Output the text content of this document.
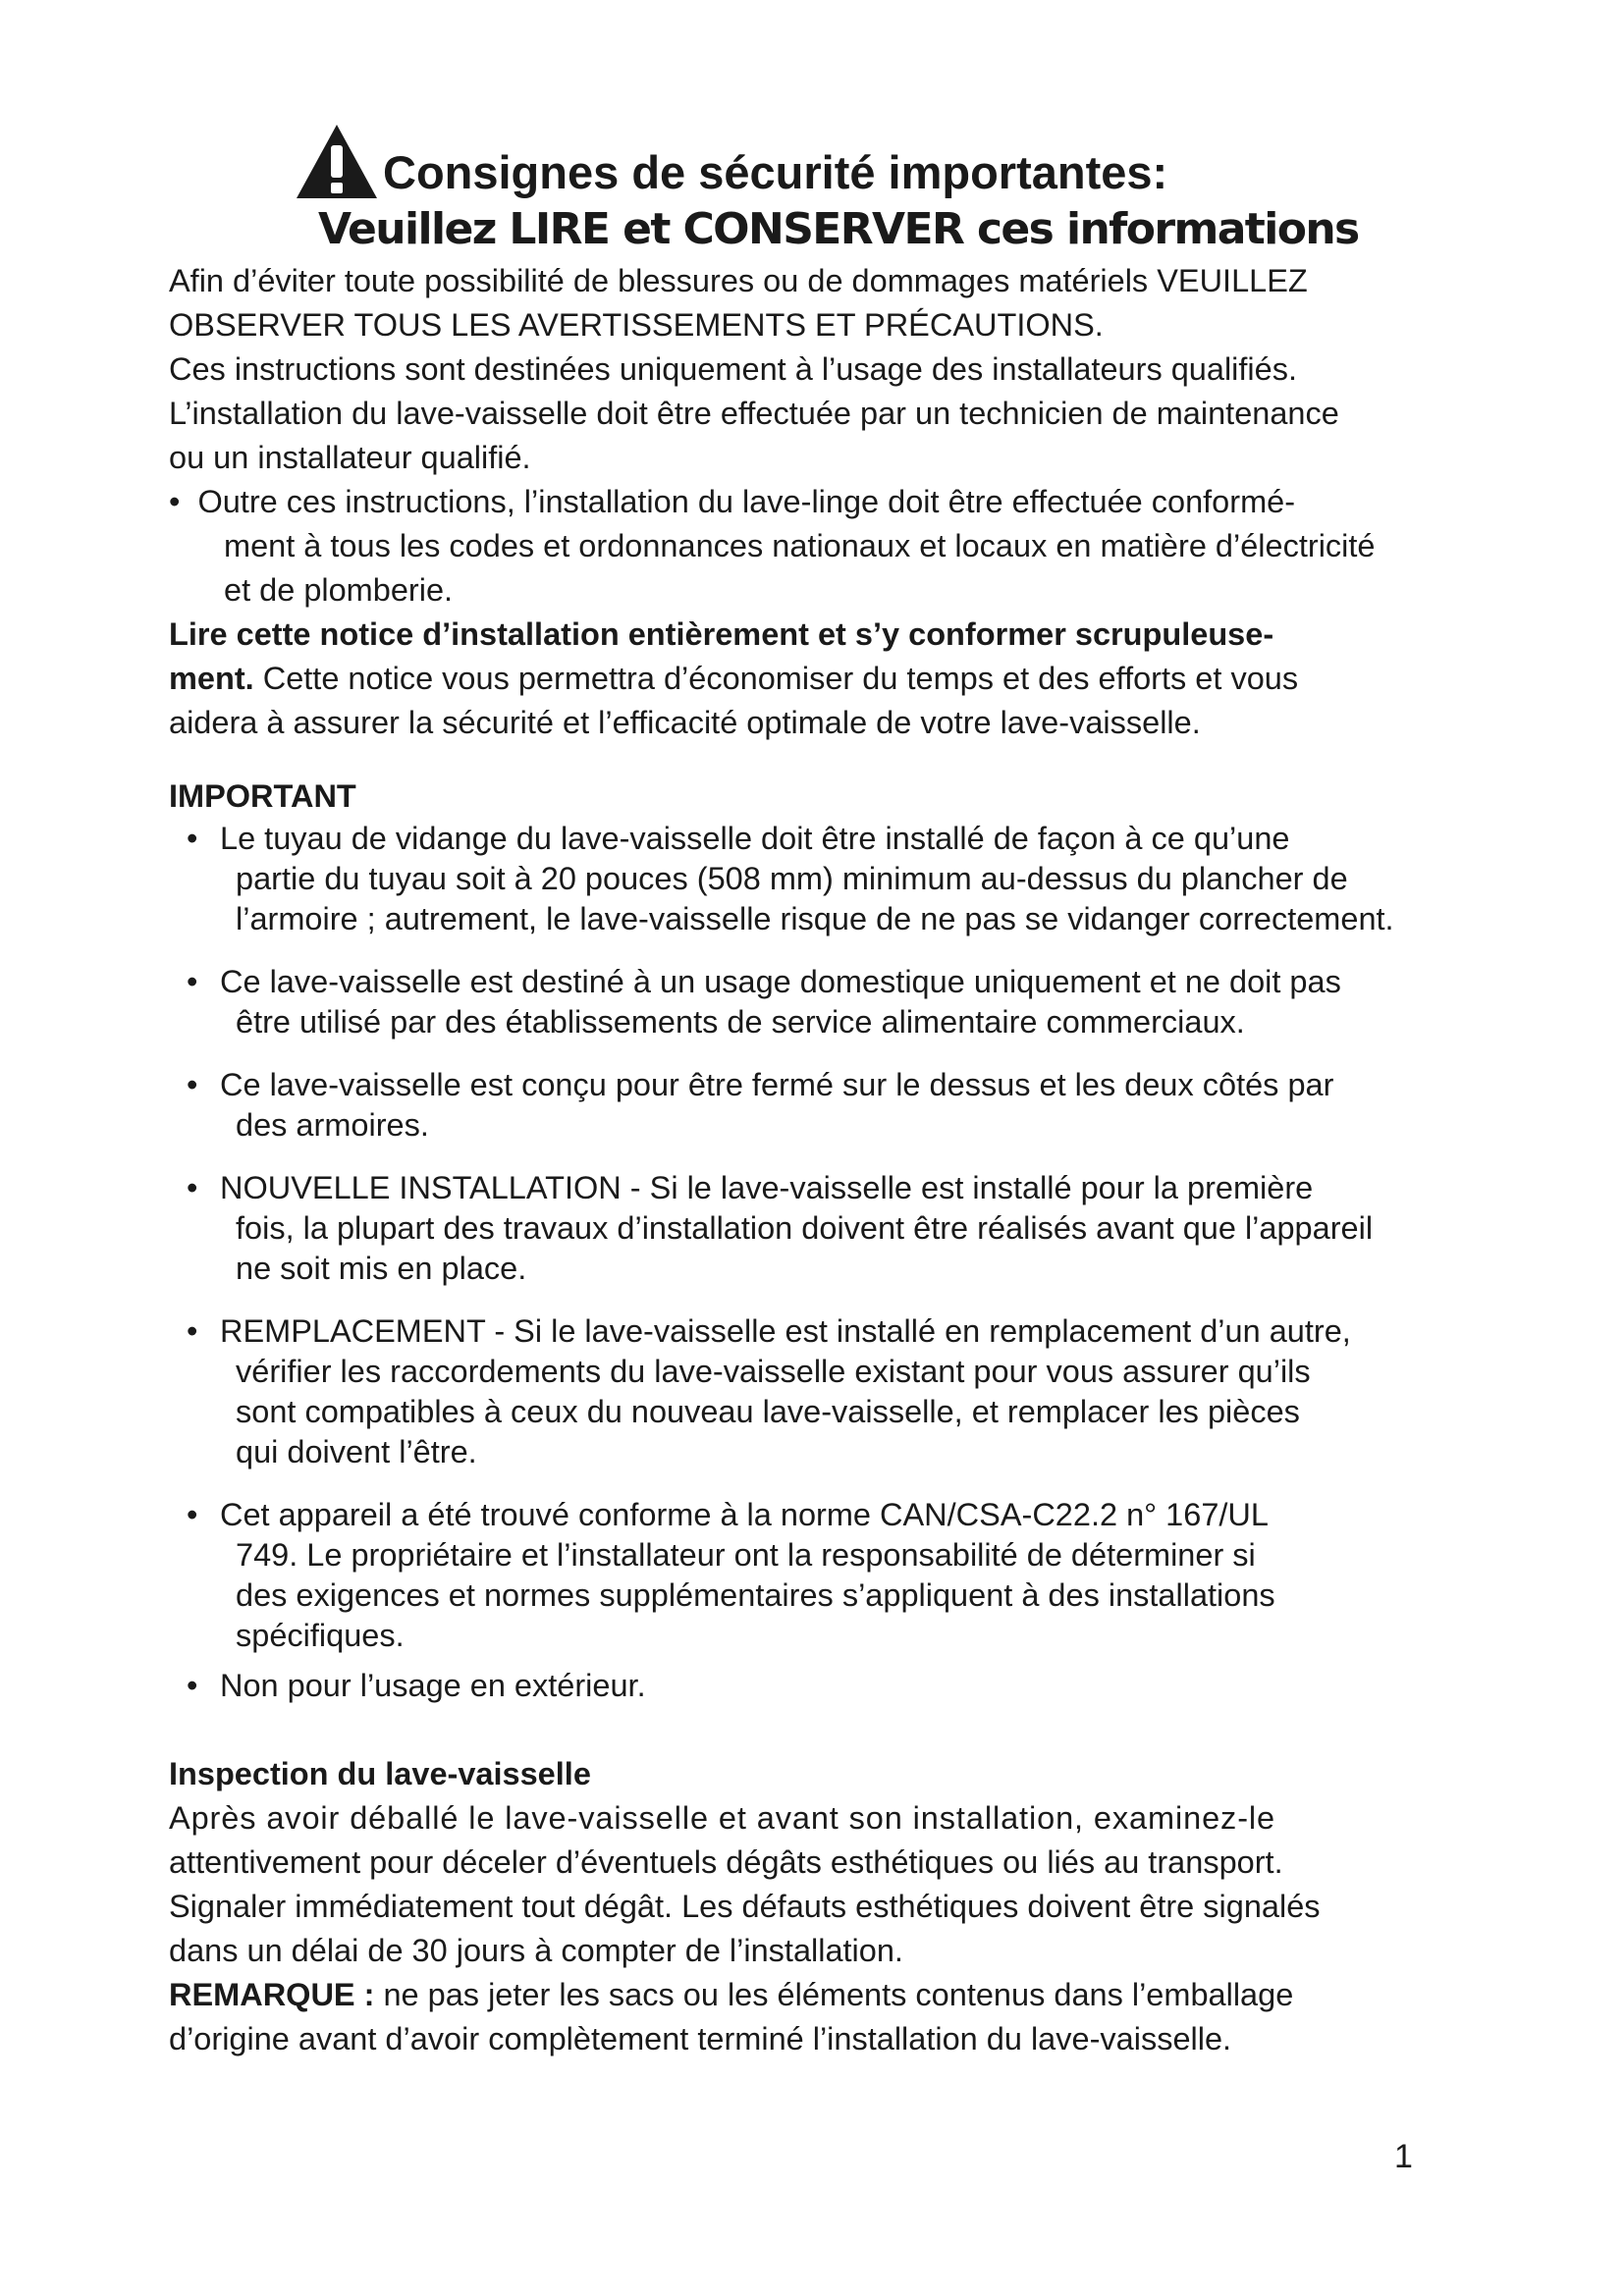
Consignes de sécurité importantes:
Veuillez LIRE et CONSERVER ces informations
Afin d’éviter toute possibilité de blessures ou de dommages matériels VEUILLEZ
OBSERVER TOUS LES AVERTISSEMENTS ET PRÉCAUTIONS.
Ces instructions sont destinées uniquement à l’usage des installateurs qualifiés.
L’installation du lave-vaisselle doit être effectuée par un technicien de maintenance
ou un installateur qualifié.
•  Outre ces instructions, l’installation du lave-linge doit être effectuée conformé-
ment à tous les codes et ordonnances nationaux et locaux en matière d’électricité
et de plomberie.
Lire cette notice d’installation entièrement et s’y conformer scrupuleuse-
ment. Cette notice vous permettra d’économiser du temps et des efforts et vous
aidera à assurer la sécurité et l’efficacité optimale de votre lave-vaisselle.
IMPORTANT
• Le tuyau de vidange du lave-vaisselle doit être installé de façon à ce qu’une
partie du tuyau soit à 20 pouces (508 mm) minimum au-dessus du plancher de
l’armoire ; autrement, le lave-vaisselle risque de ne pas se vidanger correctement.
• Ce lave-vaisselle est destiné à un usage domestique uniquement et ne doit pas
être utilisé par des établissements de service alimentaire commerciaux.
• Ce lave-vaisselle est conçu pour être fermé sur le dessus et les deux côtés par
des armoires.
• NOUVELLE INSTALLATION - Si le lave-vaisselle est installé pour la première
fois, la plupart des travaux d’installation doivent être réalisés avant que l’appareil
ne soit mis en place.
• REMPLACEMENT - Si le lave-vaisselle est installé en remplacement d’un autre,
vérifier les raccordements du lave-vaisselle existant pour vous assurer qu’ils
sont compatibles à ceux du nouveau lave-vaisselle, et remplacer les pièces
qui doivent l’être.
• Cet appareil a été trouvé conforme à la norme CAN/CSA-C22.2 n° 167/UL
749. Le propriétaire et l’installateur ont la responsabilité de déterminer si
des exigences et normes supplémentaires s’appliquent à des installations
spécifiques.
• Non pour l’usage en extérieur.
Inspection du lave-vaisselle
Après avoir déballé le lave-vaisselle et avant son installation, examinez-le
attentivement pour déceler d’éventuels dégâts esthétiques ou liés au transport.
Signaler immédiatement tout dégât. Les défauts esthétiques doivent être signalés
dans un délai de 30 jours à compter de l’installation.
REMARQUE : ne pas jeter les sacs ou les éléments contenus dans l’emballage
d’origine avant d’avoir complètement terminé l’installation du lave-vaisselle.
1
